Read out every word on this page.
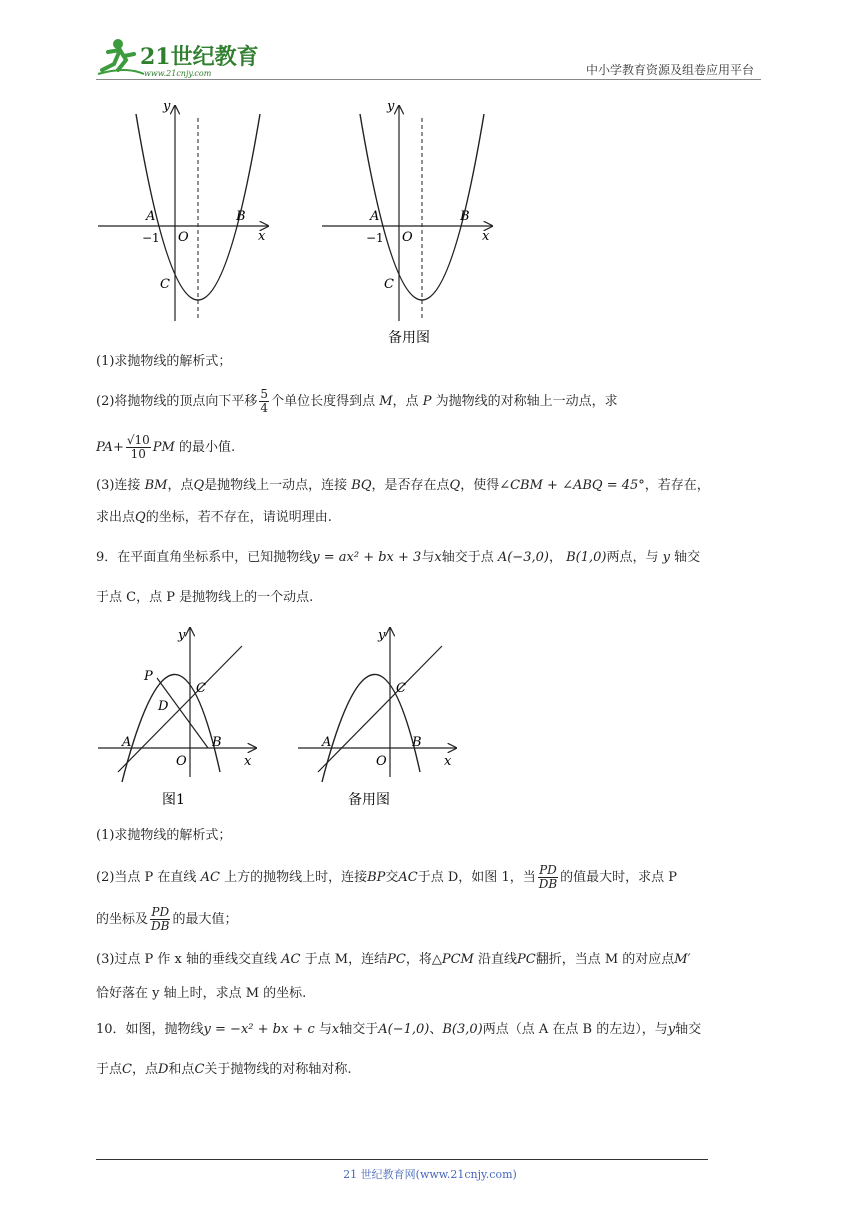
21世纪教育
www.21cnjy.com	中小学教育资源及组卷应用平台
y
x
A	B
C
O
−1
y
x
A	B
C
O
−1
备用图
(1)求抛物线的解析式；
(2)将抛物线的顶点向下平移 $\frac{5}{4}$ 个单位长度得到点 M，点 P 为抛物线的对称轴上一动点，求
$PA+ \frac{√10}{10}$ PM 的最小值.
(3)连接 BM，点Q是抛物线上一动点，连接 BQ，是否存在点Q，使得∠CBM + ∠ABQ = 45°，若存在，
求出点Q的坐标，若不存在，请说明理由.
9．在平面直角坐标系中，已知抛物线y = ax² + bx + 3与x轴交于点 A(−3,0)， B(1,0)两点，与 y 轴交
于点 C，点 P 是抛物线上的一个动点.
y
x
P
C
D
A
O
B
图1
y
x
C
A
O
B
备用图
(1)求抛物线的解析式；
(2)当点 P 在直线 AC 上方的抛物线上时，连接BP交AC于点 D，如图 1，当 $\frac{PD}{DB}$ 的值最大时，求点 P
的坐标及 $\frac{PD}{DB}$ 的最大值；
(3)过点 P 作 x 轴的垂线交直线 AC 于点 M，连结PC，将△PCM 沿直线PC翻折，当点 M 的对应点M′
恰好落在 y 轴上时，求点 M 的坐标.
10．如图，抛物线y = −x² + bx + c 与x轴交于A(−1,0)、B(3,0)两点（点 A 在点 B 的左边），与y轴交
于点C，点D和点C关于抛物线的对称轴对称.
21 世纪教育网(www.21cnjy.com)
